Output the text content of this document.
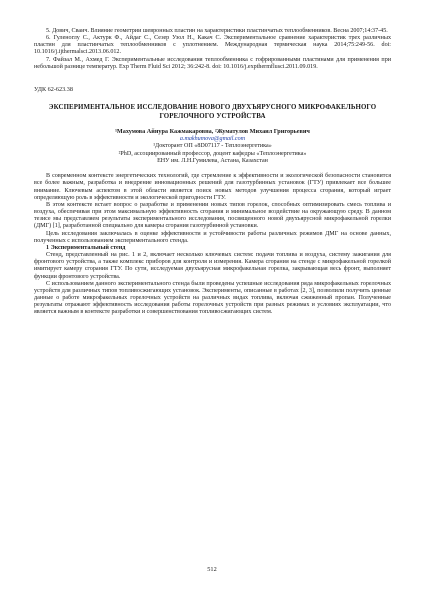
5. Дович, Сваич. Влияние геометрии шевронных пластин на характеристики пластинчатых теплообменников. Весна 2007;14:37-45.

6. Гуленоглу С., Актурк Ф., Айдаг С., Сезер Узол Н., Какач С. Экспериментальное сравнение характеристик трех различных пластин для пластинчатых теплообменников с уплотнением. Международная термическая наука 2014;75:249-56. doi: 10.1016/j.ijthermalsci.2013.06.012.

7. Файзал М., Ахмед Г. Экспериментальные исследования теплообменника с гофрированными пластинами для применения при небольшой разнице температур. Exp Therm Fluid Sci 2012; 36:242-8. doi: 10.1016/j.expthermflusci.2011.09.019.

УДК 62-623.38
ЭКСПЕРИМЕНТАЛЬНОЕ ИССЛЕДОВАНИЕ НОВОГО ДВУХЪЯРУСНОГО МИКРОФАКЕЛЬНОГО ГОРЕЛОЧНОГО УСТРОЙСТВА
¹Махумова Айнура Кажмакаровна, ²Жуматулов Михаил Григорьевич
a.makhumova@gmail.com
¹Докторант ОП «8D07117 - Теплоэнергетика»
²PhD, ассоциированный профессор, доцент кафедры «Теплоэнергетика»
ЕНУ им. Л.Н.Гумилева, Астана, Казахстан

В современном контексте энергетических технологий, где стремление к эффективности и экологической безопасности становится все более важным, разработка и внедрение инновационных решений для газотурбинных установок (ГТУ) привлекает все большее внимание. Ключевым аспектом в этой области является поиск новых методов улучшения процесса сгорания, который играет определяющую роль в эффективности и экологической пригодности ГТУ.

В этом контексте встает вопрос о разработке и применении новых типов горелок, способных оптимизировать смесь топлива и воздуха, обеспечивая при этом максимальную эффективность сгорания и минимальное воздействие на окружающую среду. В данном тезисе мы представляем результаты экспериментального исследования, посвященного новой двухъярусной микрофакельной горелки (ДМГ) [1], разработанной специально для камеры сгорания газотурбинной установки.

Цель исследования заключалась в оценке эффективности и устойчивости работы различных режимов ДМГ на основе данных, полученных с использованием экспериментального стенда.

1 Экспериментальный стенд

Стенд, представленный на рис. 1 и 2, включает несколько ключевых систем: подачи топлива и воздуха, систему зажигания для фронтового устройства, а также комплекс приборов для контроля и измерения. Камера сгорания на стенде с микрофакельной горелкой имитирует камеру сгорания ГТУ. По сути, исследуемая двухъярусная микрофакельная горелка, закрывающая весь фронт, выполняет функции фронтового устройства.

С использованием данного экспериментального стенда были проведены успешные исследования ряда микрофакельных горелочных устройств для различных типов топливосжигающих установок. Эксперименты, описанные в работах [2, 3], позволили получить ценные данные о работе микрофакельных горелочных устройств на различных видах топлива, включая сжиженный пропан. Полученные результаты отражают эффективность исследования работы горелочных устройств при разных режимах и условиях эксплуатации, что является важным в контексте разработки и совершенствования топливосжигающих систем.

512
